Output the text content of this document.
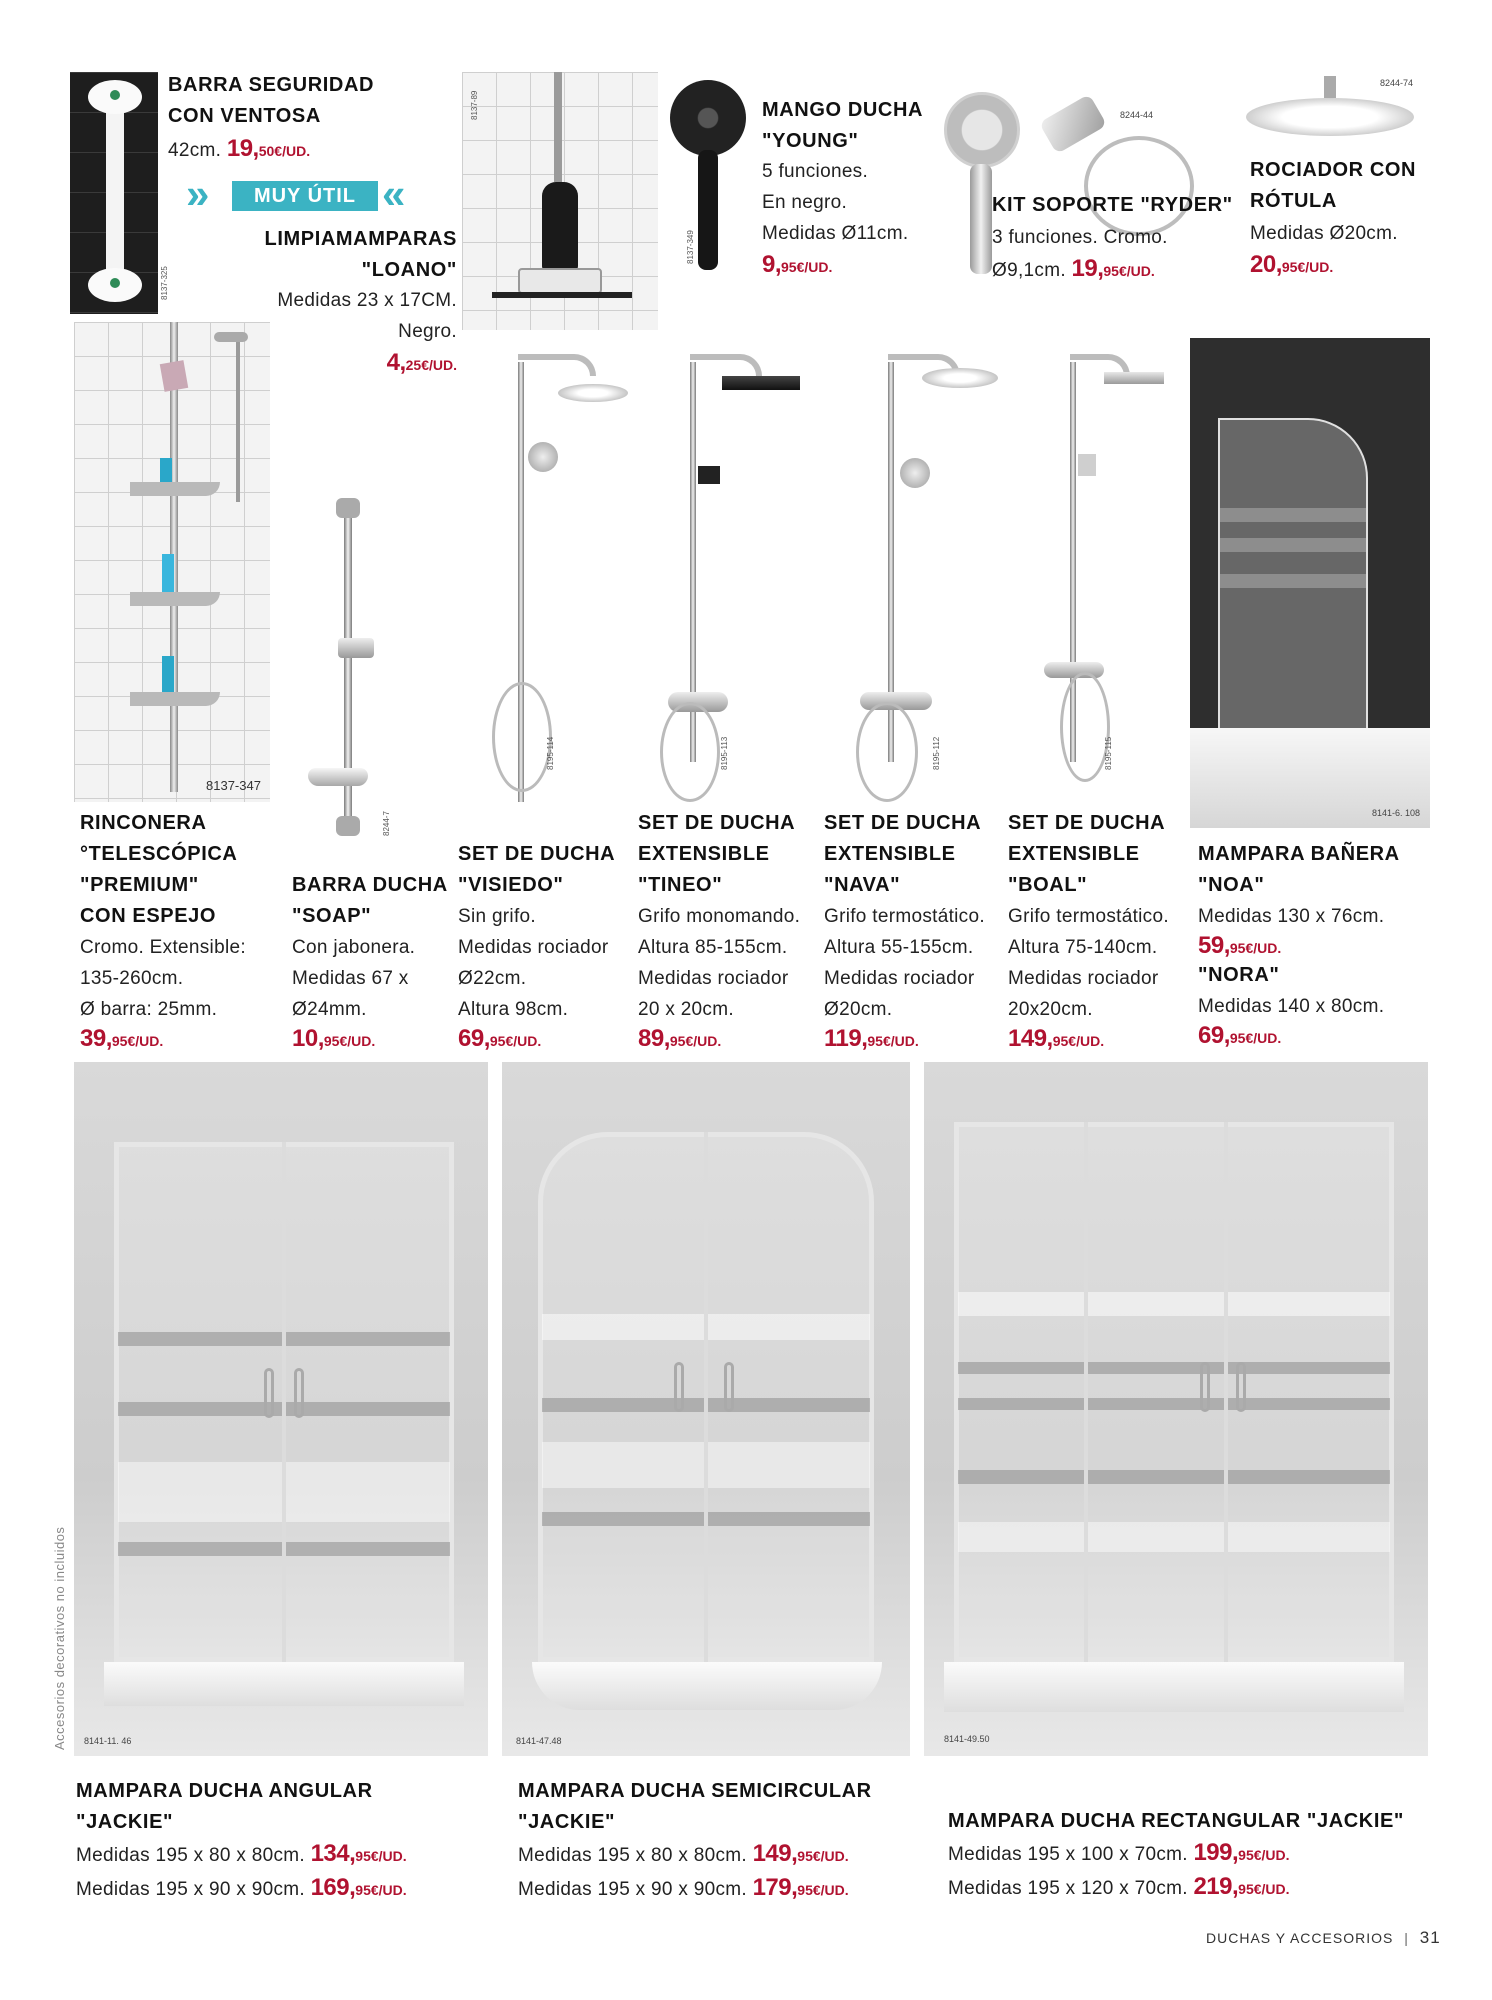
8137-325
BARRA SEGURIDAD
CON VENTOSA
42cm. 19,50€/UD.
»	MUY ÚTIL «
LIMPIAMAMPARAS
"LOANO"
Medidas 23 x 17CM.
Negro.
4,25€/UD.
8137-89
8137-349
MANGO DUCHA
"YOUNG"
5 funciones.
En negro.
Medidas Ø11cm.
9,95€/UD.
8244-44
KIT SOPORTE "RYDER"
3 funciones. Cromo.
Ø9,1cm. 19,95€/UD.
8244-74
ROCIADOR CON
RÓTULA
Medidas Ø20cm.
20,95€/UD.
8137-347
8244-7
8195-114	8195-113	8195-112	8195-115
8141-6. 108
RINCONERA
°TELESCÓPICA
"PREMIUM"
CON ESPEJO
Cromo. Extensible:
135-260cm.
Ø barra: 25mm.
39,95€/UD.
BARRA DUCHA
"SOAP"
Con jabonera.
Medidas 67 x
Ø24mm.
10,95€/UD.
SET DE DUCHA
"VISIEDO"
Sin grifo.
Medidas rociador
Ø22cm.
Altura 98cm.
69,95€/UD.
SET DE DUCHA
EXTENSIBLE
"TINEO"
Grifo monomando.
Altura 85-155cm.
Medidas rociador
20 x 20cm.
89,95€/UD.
SET DE DUCHA
EXTENSIBLE
"NAVA"
Grifo termostático.
Altura 55-155cm.
Medidas rociador
Ø20cm.
119,95€/UD.
SET DE DUCHA
EXTENSIBLE
"BOAL"
Grifo termostático.
Altura 75-140cm.
Medidas rociador
20x20cm.
149,95€/UD.
MAMPARA BAÑERA
"NOA"
Medidas 130 x 76cm.
59,95€/UD.
"NORA"
Medidas 140 x 80cm.
69,95€/UD.
8141-11. 46	8141-47.48	8141-49.50
Accesorios decorativos no incluidos
MAMPARA DUCHA ANGULAR
"JACKIE"
Medidas 195 x 80 x 80cm. 134,95€/UD.
Medidas 195 x 90 x 90cm. 169,95€/UD.
MAMPARA DUCHA SEMICIRCULAR
"JACKIE"
Medidas 195 x 80 x 80cm. 149,95€/UD.
Medidas 195 x 90 x 90cm. 179,95€/UD.
MAMPARA DUCHA RECTANGULAR "JACKIE"
Medidas 195 x 100 x 70cm. 199,95€/UD.
Medidas 195 x 120 x 70cm. 219,95€/UD.
DUCHAS Y ACCESORIOS | 31
